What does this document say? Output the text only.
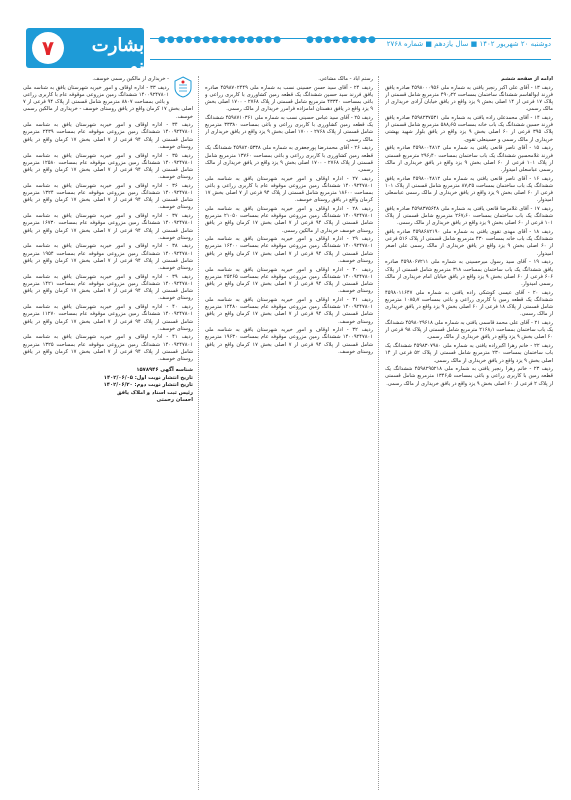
۷	بشارت نو
●●●●●●●●●●●●●●	●●●●●●●● دوشنبه ۲۰ شهریور ۱۴۰۲ ■ سال یازدهم ■ شماره ۲۷۶۸

ادامه از صفحه ششم

ردیف ۱۳ - آقای علی اکبر رنجبر یافتی به شماره ملی ۴۵۹۸۰۰۰۹۵۶ صادره یافق فرزند ابوالقاسم ششدانگ ساختمان بمساحت ۴۹۰٫۲۲ مترمربع شامل قسمتی از پلاک ۱۷ فرعی از ۱۴ اصلی بخش ۹ یزد واقع در یافق خیابان آزادی خریداری از مالک رسمی.

ردیف ۱۴ - آقای محمدعلی زاده یافتی به شماره ملی ۴۵۹۸۲۳۷۵۳۱ صادره یافق فرزند حسین ششدانگ یک باب خانه بمساحت ۵۸۸٫۶۵ مترمربع شامل قسمتی از پلاک ۳۹۵ فرعی از ۶۰ اصلی بخش ۹ یزد واقع در یافق بلوار شهید بهشتی خریداری از مالک رسمی و حسینعلی تقوی.

ردیف ۱۵ - آقای ناصر قانعی یافتی به شماره ملی ۴۵۹۸۰۰۴۸۱۲ صادره یافق فرزند غلامحسین ششدانگ یک باب ساختمان بمساحت ۲۹۶٫۴۰ مترمربع قسمتی از پلاک ۱۰۱ فرعی از ۶۰ اصلی بخش ۹ یزد واقع در یافق خریداری از مالک رسمی عباسعلی امیدوار.

ردیف ۱۶ - آقای ناصر قانعی یافتی به شماره ملی ۴۵۹۸۰۰۴۸۱۲ صادره یافق ششدانگ یک باب ساختمان بمساحت ۸۷٫۲۵ مترمربع شامل قسمتی از پلاک ۱۰۱ فرعی از ۶۰ اصلی بخش ۹ یزد واقع در یافق خریداری از مالک رسمی عباسعلی امیدوار.

ردیف ۱۷ - آقای غلامرضا قانعی یافتی به شماره ملی ۴۵۹۸۳۷۵۶۴۸ صادره یافق ششدانگ یک باب ساختمان بمساحت ۲۶۷٫۶۰ مترمربع شامل قسمتی از پلاک ۱۰۱ فرعی از ۶۰ اصلی بخش ۹ یزد واقع در یافق خریداری از مالک رسمی.

ردیف ۱۸ - آقای مهدی تقوی یافتی به شماره ملی ۴۵۹۸۶۸۲۱۹۰ صادره یافق ششدانگ یک باب خانه بمساحت ۴۳۰ مترمربع شامل قسمتی از پلاک ۵۱۶ فرعی از ۶۰ اصلی بخش ۹ یزد واقع در یافق خریداری از مالک رسمی علی اصغر امیدوار.

ردیف ۱۹ - آقای سید رسول میرحسینی به شماره ملی ۴۵۹۸۰۶۷۲۱۱ صادره یافق ششدانگ یک باب ساختمان بمساحت ۳۱۸ مترمربع شامل قسمتی از پلاک ۶۰۶ فرعی از ۶۰ اصلی بخش ۹ یزد واقع در یافق خیابان امام خریداری از مالک رسمی امیدوار.

ردیف ۲۰ - آقای عیسی کوشکی زاده یافتی به شماره ملی ۴۵۹۸۰۱۱۶۴۷ ششدانگ یک قطعه زمین با کاربری زراعی و باغی بمساحت ۱۰۸۵٫۷ مترمربع شامل قسمتی از پلاک ۱۸ فرعی از ۶۰ اصلی بخش ۹ یزد واقع در یافق خریداری از مالک رسمی.

ردیف ۲۱ - آقای علی محمد قاسمی یافتی به شماره ملی ۴۵۹۸۰۲۹۶۱۸ ششدانگ یک باب ساختمان بمساحت ۲۱۶۸٫۱ مترمربع شامل قسمتی از پلاک ۹۸ فرعی از ۶۰ اصلی بخش ۹ یزد واقع در یافق خریداری از مالک رسمی.

ردیف ۲۲ - خانم زهرا اکبرزاده یافتی به شماره ملی ۴۵۹۸۳۰۷۹۸۰ ششدانگ یک باب ساختمان بمساحت ۲۳۰ مترمربع شامل قسمتی از پلاک ۵۲ فرعی از ۱۴ اصلی بخش ۹ یزد واقع در یافق خریداری از مالک رسمی.

ردیف ۲۳ - خانم زهرا رنجبر یافتی به شماره ملی ۴۵۹۸۲۹۵۲۱۸ ششدانگ یک قطعه زمین با کاربری زراعی و باغی بمساحت ۱۳۴۶٫۵ مترمربع شامل قسمتی از پلاک ۲ فرعی از ۶۰ اصلی بخش ۹ یزد واقع در یافق خریداری از مالک رسمی.

رستم آباد - مالک مشاعی.

ردیف ۲۴ - آقای سید حسن حسینی نسب به شماره ملی ۴۵۹۸۷۰۲۴۴۹ صادره یافق فرزند سید حسین ششدانگ یک قطعه زمین کشاورزی با کاربری زراعی و باغی بمساحت ۴۳۳۴۰ مترمربع شامل قسمتی از پلاک ۲۷۶۸ - ۱۷۰۰ اصلی بخش ۹ یزد واقع در یافق دهستان امامزاده فرامرز خریداری از مالک رسمی.

ردیف ۲۵ - آقای سید عباس حسینی نسب به شماره ملی ۴۵۹۸۷۱۰۳۶۱ ششدانگ یک قطعه زمین کشاورزی با کاربری زراعی و باغی بمساحت ۳۳۳۸۰ مترمربع شامل قسمتی از پلاک ۲۷۶۸ - ۱۷۰۰ اصلی بخش ۹ یزد واقع در یافق خریداری از مالک رسمی.

ردیف ۲۶ - آقای محمدرضا پورجعفری به شماره ملی ۴۵۹۸۲۰۵۳۳۸ ششدانگ یک قطعه زمین کشاورزی با کاربری زراعی و باغی بمساحت ۱۳۷۶۰ مترمربع شامل قسمتی از پلاک ۲۷۶۸ - ۱۷۰۰ اصلی بخش ۹ یزد واقع در یافق خریداری از مالک رسمی.

ردیف ۲۷ - اداره اوقاف و امور خیریه شهرستان یافق به شناسه ملی ۱۴۰۰۹۲۴۷۸۰۱ ششدانگ زمین مزروعی موقوفه عام با کاربری زراعی و باغی بمساحت ۱۸۶۰۰ مترمربع شامل قسمتی از پلاک ۹۴ فرعی از ۷ اصلی بخش ۱۷ کرمان واقع در یافق روستای خوسف.

ردیف ۲۸ - اداره اوقاف و امور خیریه شهرستان یافق به شناسه ملی ۱۴۰۰۹۲۴۷۸۰۱ ششدانگ زمین مزروعی موقوفه عام بمساحت ۲۱۰۵۰ مترمربع شامل قسمتی از پلاک ۹۴ فرعی از ۷ اصلی بخش ۱۷ کرمان واقع در یافق روستای خوسف خریداری از مالکین رسمی.

ردیف ۲۹ - اداره اوقاف و امور خیریه شهرستان یافق به شناسه ملی ۱۴۰۰۹۲۴۷۸۰۱ ششدانگ زمین مزروعی موقوفه عام بمساحت ۱۶۴۰۰ مترمربع شامل قسمتی از پلاک ۹۴ فرعی از ۷ اصلی بخش ۱۷ کرمان واقع در یافق روستای خوسف.

ردیف ۳۰ - اداره اوقاف و امور خیریه شهرستان یافق به شناسه ملی ۱۴۰۰۹۲۴۷۸۰۱ ششدانگ زمین مزروعی موقوفه عام بمساحت ۲۵۲۶۵ مترمربع شامل قسمتی از پلاک ۹۴ فرعی از ۷ اصلی بخش ۱۷ کرمان واقع در یافق روستای خوسف.

ردیف ۳۱ - اداره اوقاف و امور خیریه شهرستان یافق به شناسه ملی ۱۴۰۰۹۲۴۷۸۰۱ ششدانگ زمین مزروعی موقوفه عام بمساحت ۱۲۴۸۰ مترمربع شامل قسمتی از پلاک ۹۴ فرعی از ۷ اصلی بخش ۱۷ کرمان واقع در یافق روستای خوسف.

ردیف ۳۲ - اداره اوقاف و امور خیریه شهرستان یافق به شناسه ملی ۱۴۰۰۹۲۴۷۸۰۱ ششدانگ زمین مزروعی موقوفه عام بمساحت ۱۹۶۳۰ مترمربع شامل قسمتی از پلاک ۹۴ فرعی از ۷ اصلی بخش ۱۷ کرمان واقع در یافق روستای خوسف.

- خریداری از مالکین رسمی خوسف.

ردیف ۳۳ - اداره اوقاف و امور خیریه شهرستان یافق به شناسه ملی ۱۴۰۰۹۲۴۷۸۰۱ ششدانگ زمین مزروعی موقوفه عام با کاربری زراعی و باغی بمساحت ۸۸۰۷ مترمربع شامل قسمتی از پلاک ۹۴ فرعی از ۷ اصلی بخش ۱۷ کرمان واقع در یافق روستای خوسف - خریداری از مالکین رسمی خوسف.

ردیف ۳۴ - اداره اوقاف و امور خیریه شهرستان یافق به شناسه ملی ۱۴۰۰۹۲۴۷۸۰۱ ششدانگ زمین مزروعی موقوفه عام بمساحت ۲۴۳۹ مترمربع شامل قسمتی از پلاک ۹۴ فرعی از ۷ اصلی بخش ۱۷ کرمان واقع در یافق روستای خوسف.

ردیف ۳۵ - اداره اوقاف و امور خیریه شهرستان یافق به شناسه ملی ۱۴۰۰۹۲۴۷۸۰۱ ششدانگ زمین مزروعی موقوفه عام بمساحت ۱۲۵۸۰ مترمربع شامل قسمتی از پلاک ۹۴ فرعی از ۷ اصلی بخش ۱۷ کرمان واقع در یافق روستای خوسف.

ردیف ۳۶ - اداره اوقاف و امور خیریه شهرستان یافق به شناسه ملی ۱۴۰۰۹۲۴۷۸۰۱ ششدانگ زمین مزروعی موقوفه عام بمساحت ۱۳۲۴ مترمربع شامل قسمتی از پلاک ۹۴ فرعی از ۷ اصلی بخش ۱۷ کرمان واقع در یافق روستای خوسف.

ردیف ۳۷ - اداره اوقاف و امور خیریه شهرستان یافق به شناسه ملی ۱۴۰۰۹۲۴۷۸۰۱ ششدانگ زمین مزروعی موقوفه عام بمساحت ۱۶۷۳۰ مترمربع شامل قسمتی از پلاک ۹۴ فرعی از ۷ اصلی بخش ۱۷ کرمان واقع در یافق روستای خوسف.

ردیف ۳۸ - اداره اوقاف و امور خیریه شهرستان یافق به شناسه ملی ۱۴۰۰۹۲۴۷۸۰۱ ششدانگ زمین مزروعی موقوفه عام بمساحت ۱۹۵۴ مترمربع شامل قسمتی از پلاک ۹۴ فرعی از ۷ اصلی بخش ۱۷ کرمان واقع در یافق روستای خوسف.

ردیف ۳۹ - اداره اوقاف و امور خیریه شهرستان یافق به شناسه ملی ۱۴۰۰۹۲۴۷۸۰۱ ششدانگ زمین مزروعی موقوفه عام بمساحت ۱۴۲۱ مترمربع شامل قسمتی از پلاک ۹۴ فرعی از ۷ اصلی بخش ۱۷ کرمان واقع در یافق روستای خوسف.

ردیف ۴۰ - اداره اوقاف و امور خیریه شهرستان یافق به شناسه ملی ۱۴۰۰۹۲۴۷۸۰۱ ششدانگ زمین مزروعی موقوفه عام بمساحت ۱۱۲۷۰ مترمربع شامل قسمتی از پلاک ۹۴ فرعی از ۷ اصلی بخش ۱۷ کرمان واقع در یافق روستای خوسف.

ردیف ۴۱ - اداره اوقاف و امور خیریه شهرستان یافق به شناسه ملی ۱۴۰۰۹۲۴۷۸۰۱ ششدانگ زمین مزروعی موقوفه عام بمساحت ۱۳۲۵ مترمربع شامل قسمتی از پلاک ۹۴ فرعی از ۷ اصلی بخش ۱۷ کرمان واقع در یافق روستای خوسف.

شناسه آگهی ۱۵۷۸۹۴۶
تاریخ انتشار نوبت اول: ۱۴۰۲/۰۶/۰۵
تاریخ انتشار نوبت دوم: ۱۴۰۲/۰۶/۲۰
رئیس ثبت اسناد و املاک یافق
احسان رحمتی
